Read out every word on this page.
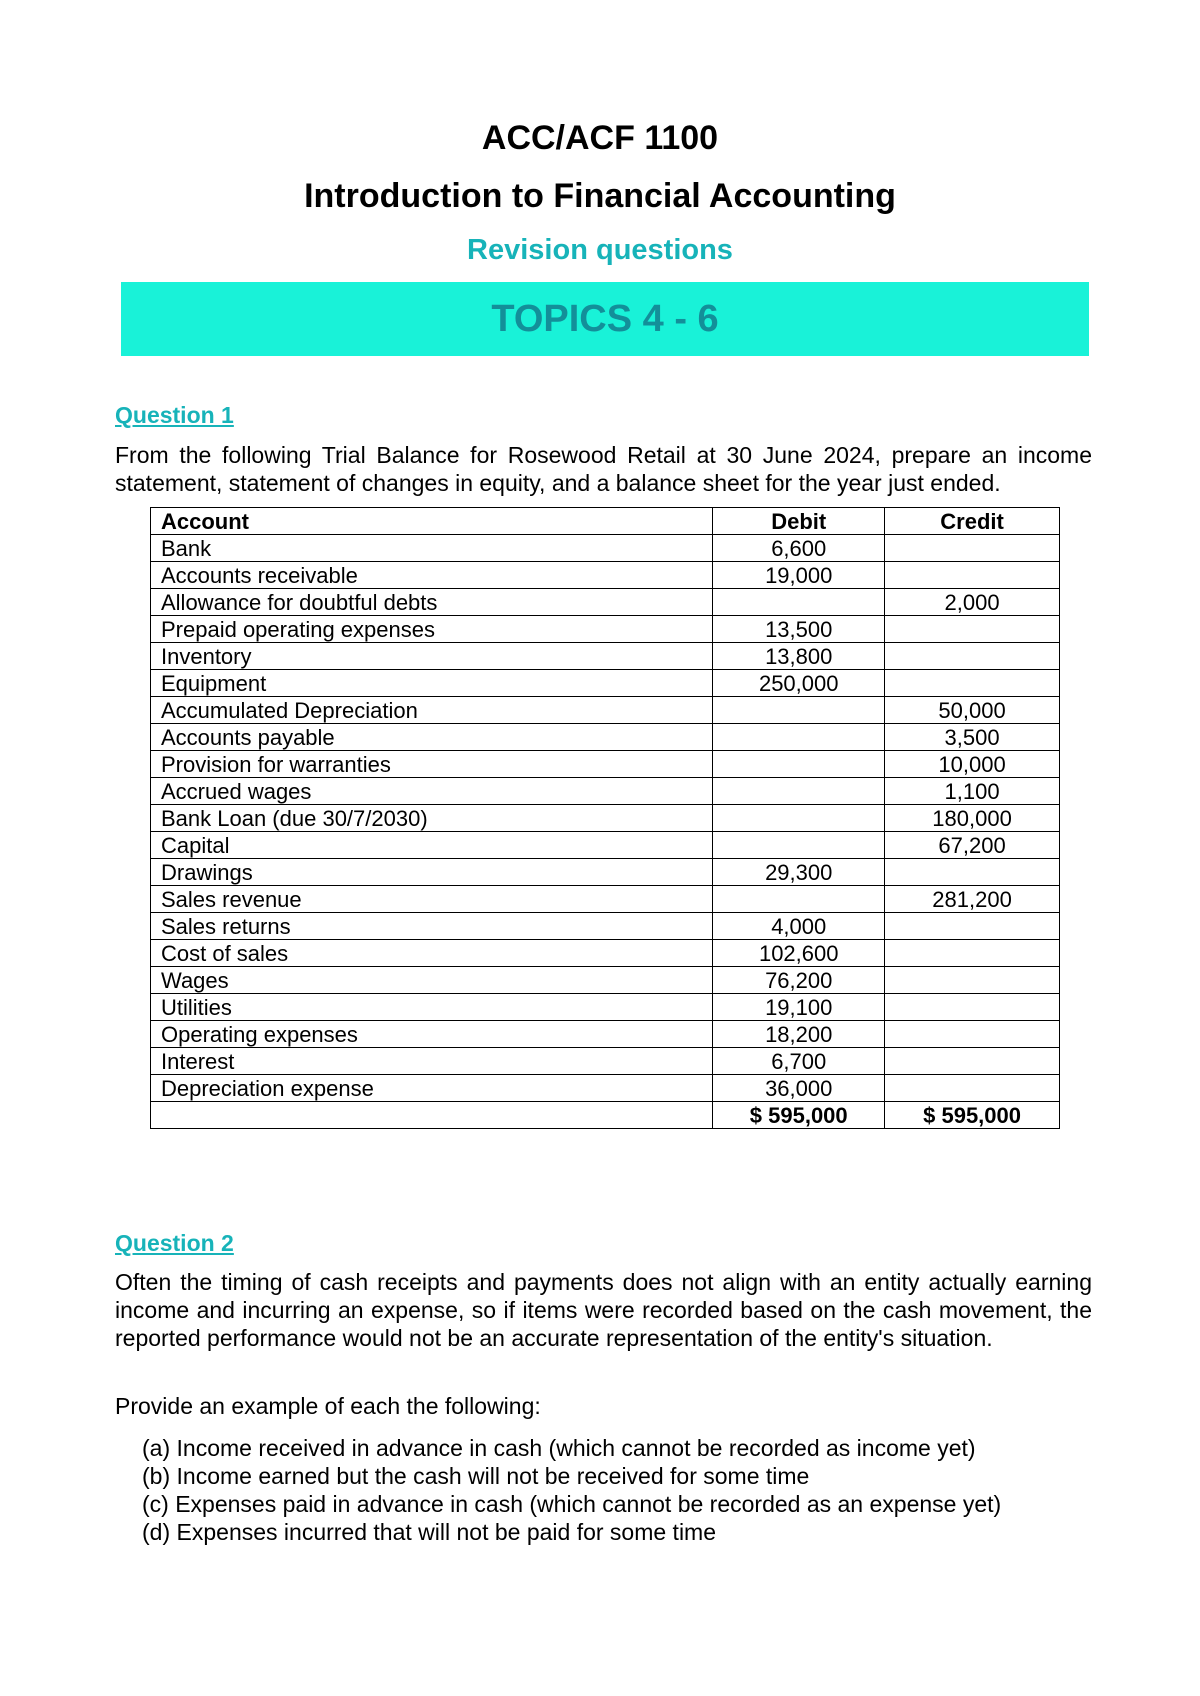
ACC/ACF 1100
Introduction to Financial Accounting
Revision questions
TOPICS 4 - 6
Question 1
From the following Trial Balance for Rosewood Retail at 30 June 2024, prepare an income statement, statement of changes in equity, and a balance sheet for the year just ended.
Account	Debit	Credit
Bank	6,600	
Accounts receivable	19,000	
Allowance for doubtful debts		2,000
Prepaid operating expenses	13,500	
Inventory	13,800	
Equipment	250,000	
Accumulated Depreciation		50,000
Accounts payable		3,500
Provision for warranties		10,000
Accrued wages		1,100
Bank Loan (due 30/7/2030)		180,000
Capital		67,200
Drawings	29,300	
Sales revenue		281,200
Sales returns	4,000	
Cost of sales	102,600	
Wages	76,200	
Utilities	19,100	
Operating expenses	18,200	
Interest	6,700	
Depreciation expense	36,000	
	$ 595,000	$ 595,000
Question 2
Often the timing of cash receipts and payments does not align with an entity actually earning income and incurring an expense, so if items were recorded based on the cash movement, the reported performance would not be an accurate representation of the entity's situation.
Provide an example of each the following:
(a) Income received in advance in cash (which cannot be recorded as income yet)
(b) Income earned but the cash will not be received for some time
(c) Expenses paid in advance in cash (which cannot be recorded as an expense yet)
(d) Expenses incurred that will not be paid for some time
